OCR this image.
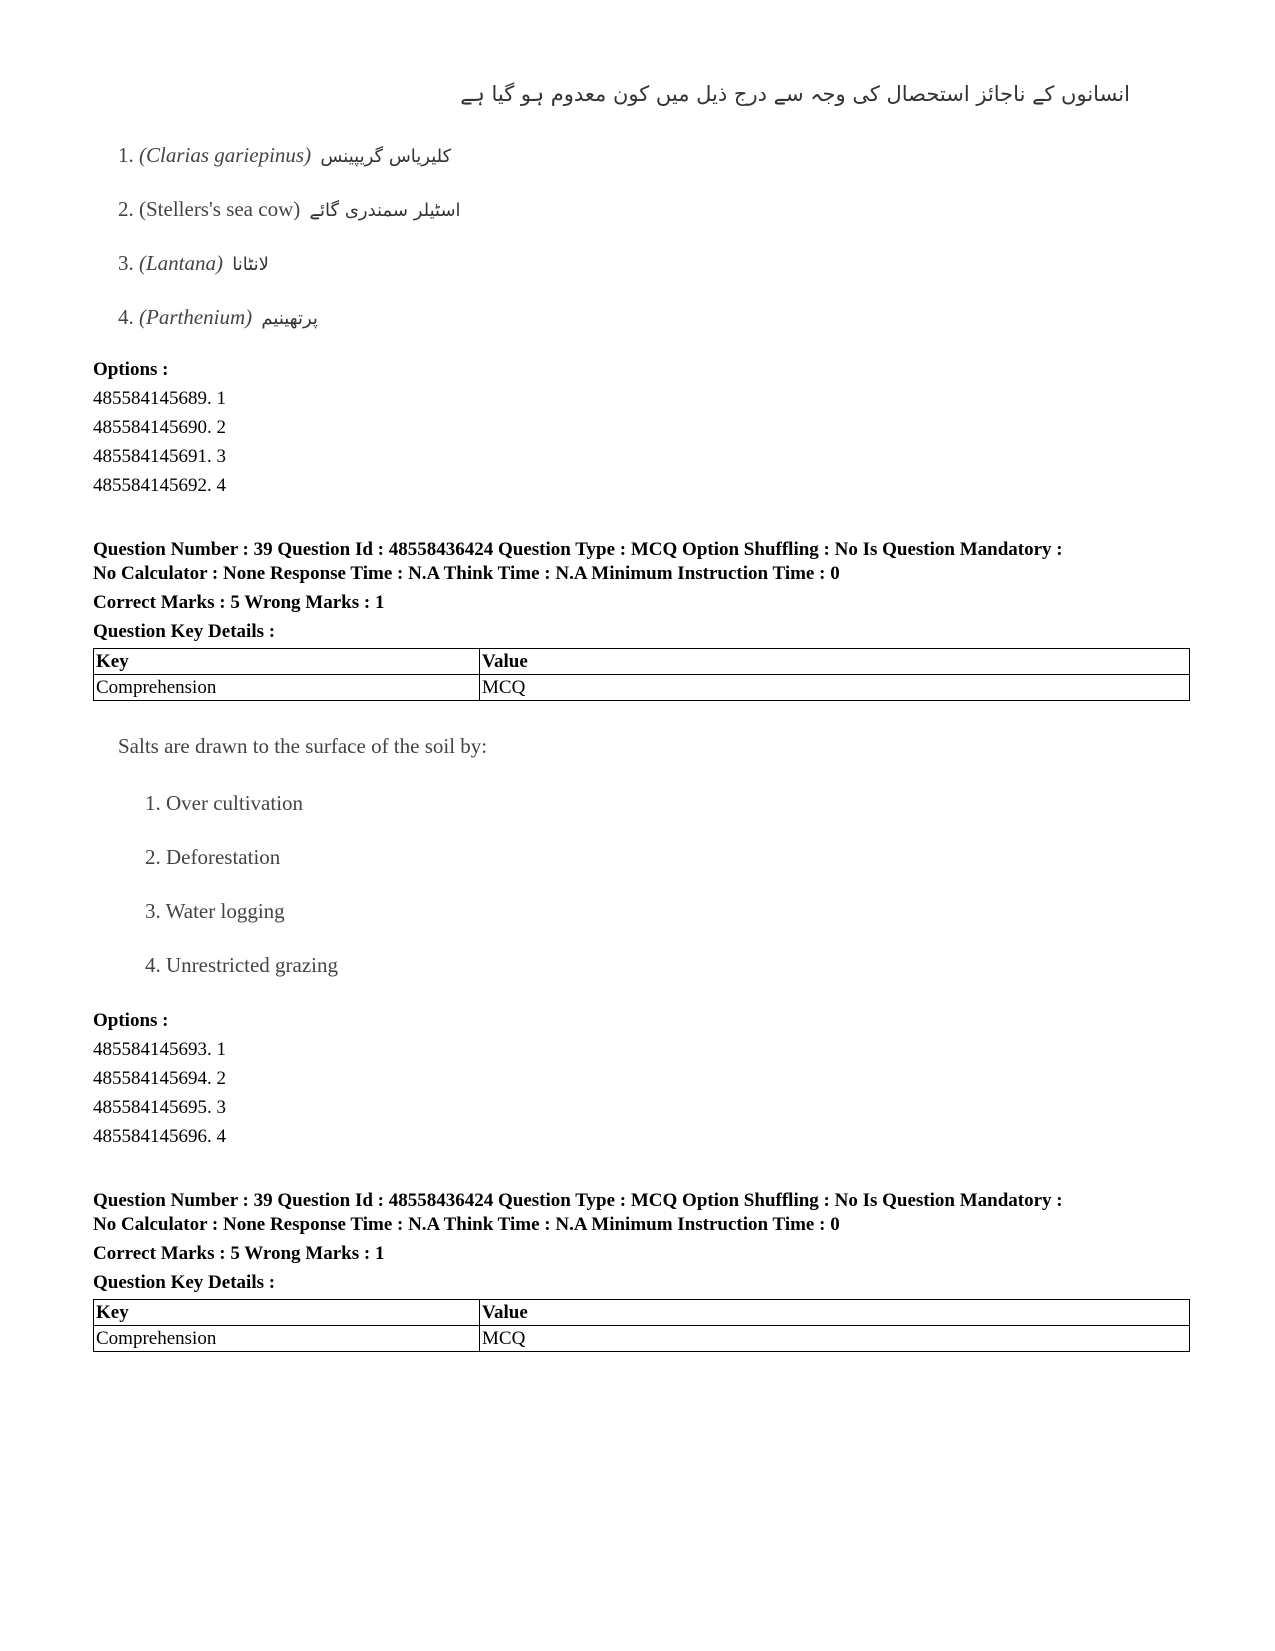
انسانوں کے ناجائز استحصال کی وجہ سے درج ذیل میں کون معدوم ہو گیا ہے
1. (Clarias gariepinus) کلیریاس گریپینس
2. (Stellers's sea cow) اسٹیلر سمندری گائے
3. (Lantana) لانٹانا
4. (Parthenium) پرتھینیم
Options :
485584145689. 1
485584145690. 2
485584145691. 3
485584145692. 4
Question Number : 39 Question Id : 48558436424 Question Type : MCQ Option Shuffling : No Is Question Mandatory :
No Calculator : None Response Time : N.A Think Time : N.A Minimum Instruction Time : 0
Correct Marks : 5 Wrong Marks : 1
Question Key Details :
Key	Value
Comprehension	MCQ
Salts are drawn to the surface of the soil by:
1. Over cultivation
2. Deforestation
3. Water logging
4. Unrestricted grazing
Options :
485584145693. 1
485584145694. 2
485584145695. 3
485584145696. 4
Question Number : 39 Question Id : 48558436424 Question Type : MCQ Option Shuffling : No Is Question Mandatory :
No Calculator : None Response Time : N.A Think Time : N.A Minimum Instruction Time : 0
Correct Marks : 5 Wrong Marks : 1
Question Key Details :
Key	Value
Comprehension	MCQ
